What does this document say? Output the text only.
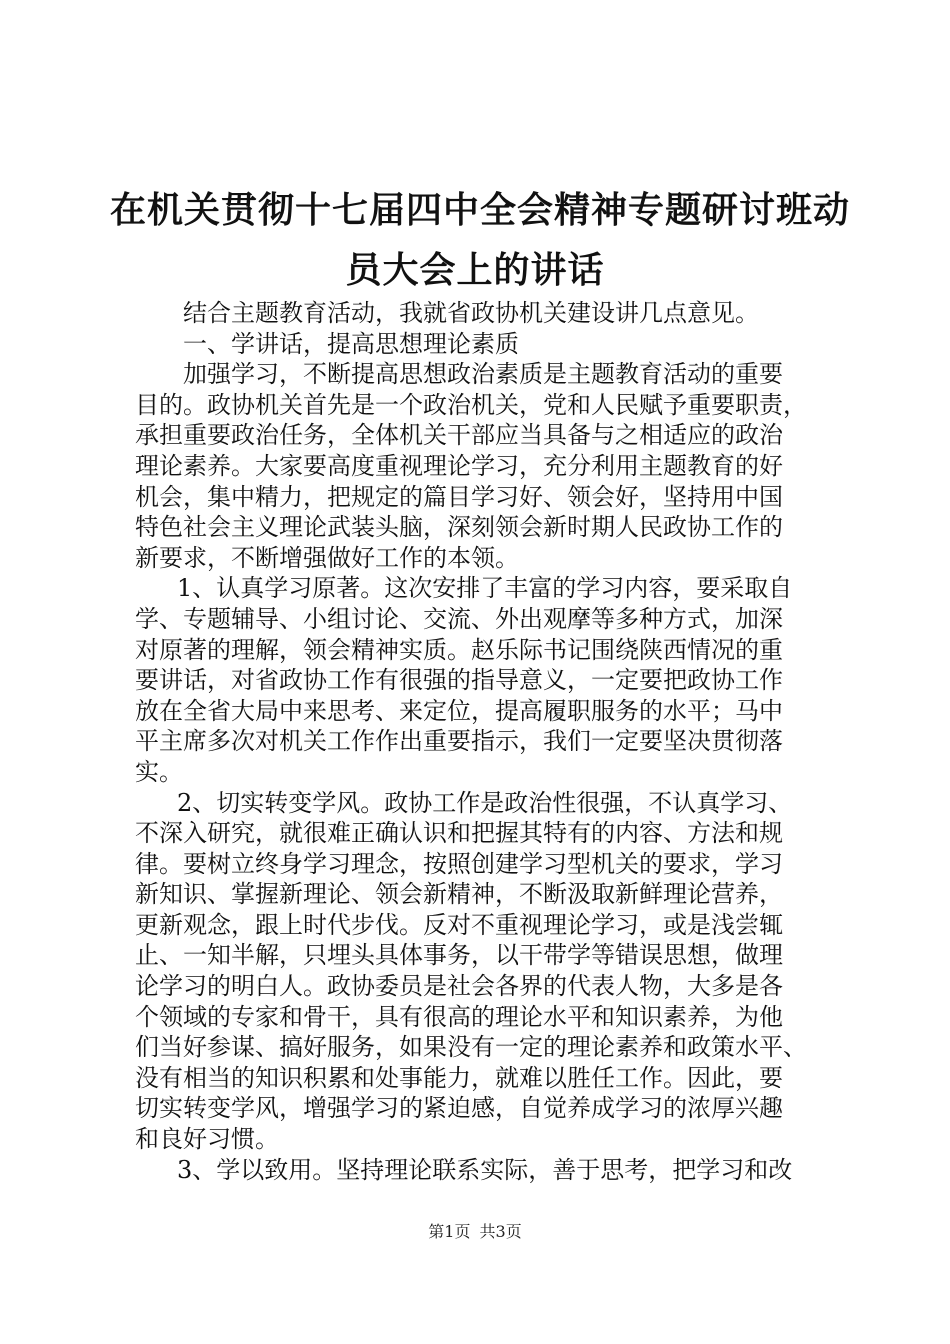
在机关贯彻十七届四中全会精神专题研讨班动
员大会上的讲话
结合主题教育活动，我就省政协机关建设讲几点意见。
一、学讲话，提高思想理论素质
加强学习，不断提高思想政治素质是主题教育活动的重要
目的。政协机关首先是一个政治机关，党和人民赋予重要职责，
承担重要政治任务，全体机关干部应当具备与之相适应的政治
理论素养。大家要高度重视理论学习，充分利用主题教育的好
机会，集中精力，把规定的篇目学习好、领会好，坚持用中国
特色社会主义理论武装头脑，深刻领会新时期人民政协工作的
新要求，不断增强做好工作的本领。
1、认真学习原著。这次安排了丰富的学习内容，要采取自
学、专题辅导、小组讨论、交流、外出观摩等多种方式，加深
对原著的理解，领会精神实质。赵乐际书记围绕陕西情况的重
要讲话，对省政协工作有很强的指导意义，一定要把政协工作
放在全省大局中来思考、来定位，提高履职服务的水平；马中
平主席多次对机关工作作出重要指示，我们一定要坚决贯彻落
实。
2、切实转变学风。政协工作是政治性很强，不认真学习、
不深入研究，就很难正确认识和把握其特有的内容、方法和规
律。要树立终身学习理念，按照创建学习型机关的要求，学习
新知识、掌握新理论、领会新精神，不断汲取新鲜理论营养，
更新观念，跟上时代步伐。反对不重视理论学习，或是浅尝辄
止、一知半解，只埋头具体事务，以干带学等错误思想，做理
论学习的明白人。政协委员是社会各界的代表人物，大多是各
个领域的专家和骨干，具有很高的理论水平和知识素养，为他
们当好参谋、搞好服务，如果没有一定的理论素养和政策水平、
没有相当的知识积累和处事能力，就难以胜任工作。因此，要
切实转变学风，增强学习的紧迫感，自觉养成学习的浓厚兴趣
和良好习惯。
3、学以致用。坚持理论联系实际，善于思考，把学习和改
第1页 共3页
